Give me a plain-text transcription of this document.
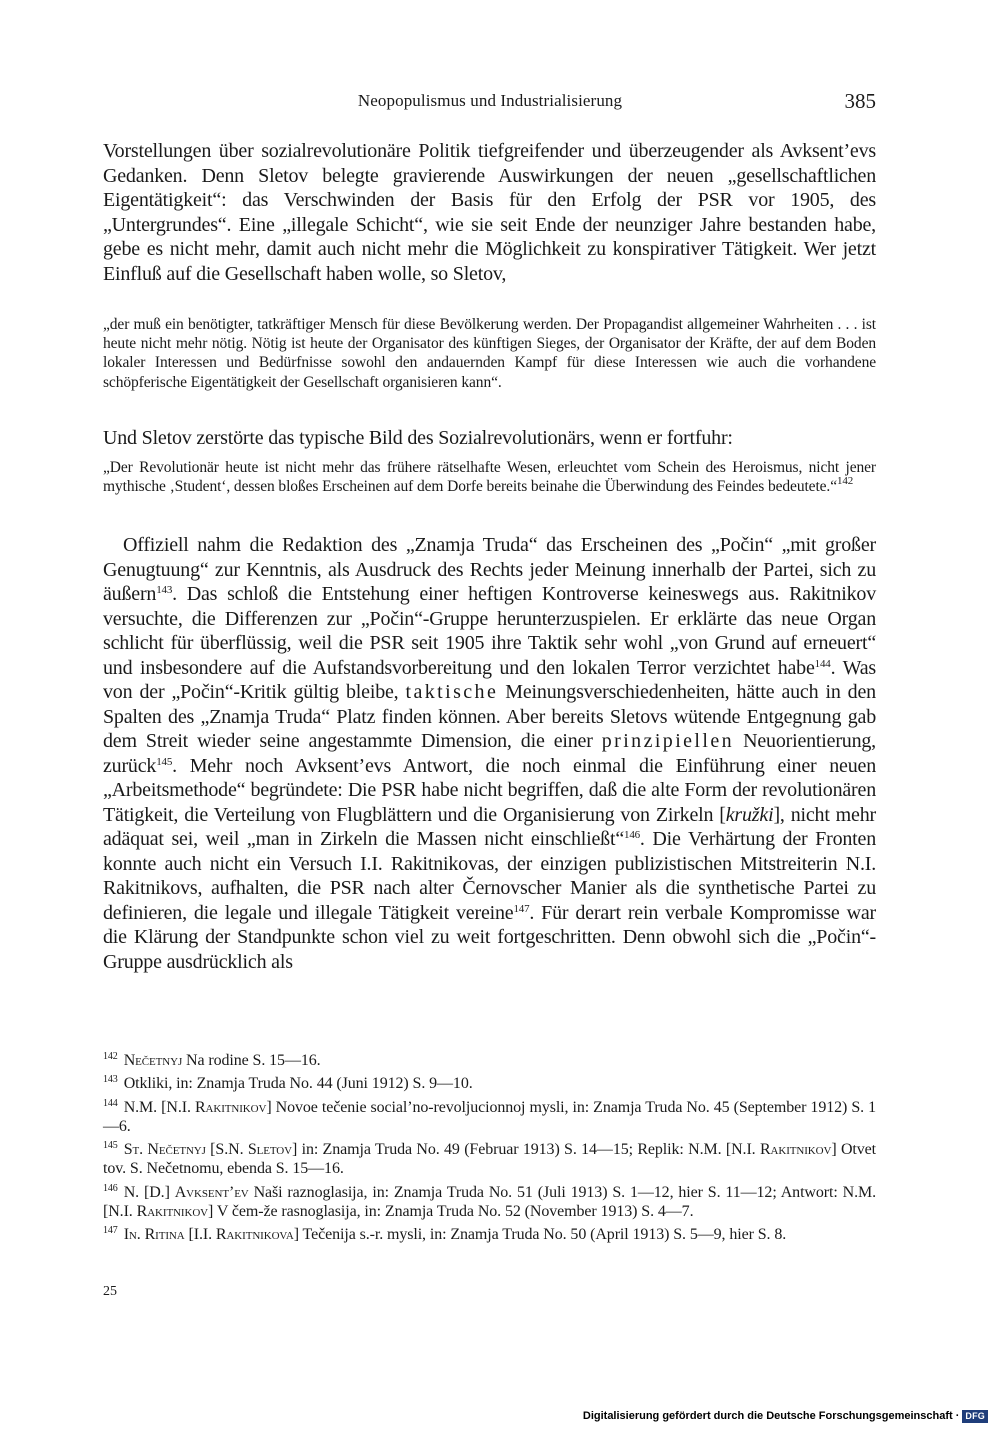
Neopopulismus und Industrialisierung	385

Vorstellungen über sozialrevolutionäre Politik tiefgreifender und überzeugender als Avksent’evs Gedanken. Denn Sletov belegte gravierende Auswirkungen der neuen „gesellschaftlichen Eigentätigkeit“: das Verschwinden der Basis für den Erfolg der PSR vor 1905, des „Untergrundes“. Eine „illegale Schicht“, wie sie seit Ende der neunziger Jahre bestanden habe, gebe es nicht mehr, damit auch nicht mehr die Möglichkeit zu konspirativer Tätigkeit. Wer jetzt Einfluß auf die Gesellschaft haben wolle, so Sletov,

„der muß ein benötigter, tatkräftiger Mensch für diese Bevölkerung werden. Der Propagandist allgemeiner Wahrheiten . . . ist heute nicht mehr nötig. Nötig ist heute der Organisator des künftigen Sieges, der Organisator der Kräfte, der auf dem Boden lokaler Interessen und Bedürfnisse sowohl den andauernden Kampf für diese Interessen wie auch die vorhandene schöpferische Eigentätigkeit der Gesellschaft organisieren kann“.

Und Sletov zerstörte das typische Bild des Sozialrevolutionärs, wenn er fortfuhr:

„Der Revolutionär heute ist nicht mehr das frühere rätselhafte Wesen, erleuchtet vom Schein des Heroismus, nicht jener mythische ‚Student‘, dessen bloßes Erscheinen auf dem Dorfe bereits beinahe die Überwindung des Feindes bedeutete.“$^{142}$

Offiziell nahm die Redaktion des „Znamja Truda“ das Erscheinen des „Počin“ „mit großer Genugtuung“ zur Kenntnis, als Ausdruck des Rechts jeder Meinung innerhalb der Partei, sich zu äußern$^{143}$. Das schloß die Entstehung einer heftigen Kontroverse keineswegs aus. Rakitnikov versuchte, die Differenzen zur „Počin“-Gruppe herunterzuspielen. Er erklärte das neue Organ schlicht für überflüssig, weil die PSR seit 1905 ihre Taktik sehr wohl „von Grund auf erneuert“ und insbesondere auf die Aufstandsvorbereitung und den lokalen Terror verzichtet habe$^{144}$. Was von der „Počin“-Kritik gültig bleibe, taktische Meinungsverschiedenheiten, hätte auch in den Spalten des „Znamja Truda“ Platz finden können. Aber bereits Sletovs wütende Entgegnung gab dem Streit wieder seine angestammte Dimension, die einer prinzipiellen Neuorientierung, zurück$^{145}$. Mehr noch Avksent’evs Antwort, die noch einmal die Einführung einer neuen „Arbeitsmethode“ begründete: Die PSR habe nicht begriffen, daß die alte Form der revolutionären Tätigkeit, die Verteilung von Flugblättern und die Organisierung von Zirkeln [kružki], nicht mehr adäquat sei, weil „man in Zirkeln die Massen nicht einschließt“$^{146}$. Die Verhärtung der Fronten konnte auch nicht ein Versuch I.I. Rakitnikovas, der einzigen publizistischen Mitstreiterin N.I. Rakitnikovs, aufhalten, die PSR nach alter Černovscher Manier als die synthetische Partei zu definieren, die legale und illegale Tätigkeit vereine$^{147}$. Für derart rein verbale Kompromisse war die Klärung der Standpunkte schon viel zu weit fortgeschritten. Denn obwohl sich die „Počin“-Gruppe ausdrücklich als

$^{142}$ Nečetnyj Na rodine S. 15—16.

$^{143}$ Otkliki, in: Znamja Truda No. 44 (Juni 1912) S. 9—10.

$^{144}$ N.M. [N.I. Rakitnikov] Novoe tečenie social’no-revoljucionnoj mysli, in: Znamja Truda No. 45 (September 1912) S. 1—6.

$^{145}$ St. Nečetnyj [S.N. Sletov] in: Znamja Truda No. 49 (Februar 1913) S. 14—15; Replik: N.M. [N.I. Rakitnikov] Otvet tov. S. Nečetnomu, ebenda S. 15—16.

$^{146}$ N. [D.] Avksent’ev Naši raznoglasija, in: Znamja Truda No. 51 (Juli 1913) S. 1—12, hier S. 11—12; Antwort: N.M. [N.I. Rakitnikov] V čem-že rasnoglasija, in: Znamja Truda No. 52 (November 1913) S. 4—7.

$^{147}$ In. Ritina [I.I. Rakitnikova] Tečenija s.-r. mysli, in: Znamja Truda No. 50 (April 1913) S. 5—9, hier S. 8.

25
Digitalisierung gefördert durch die Deutsche Forschungsgemeinschaft · DFG
